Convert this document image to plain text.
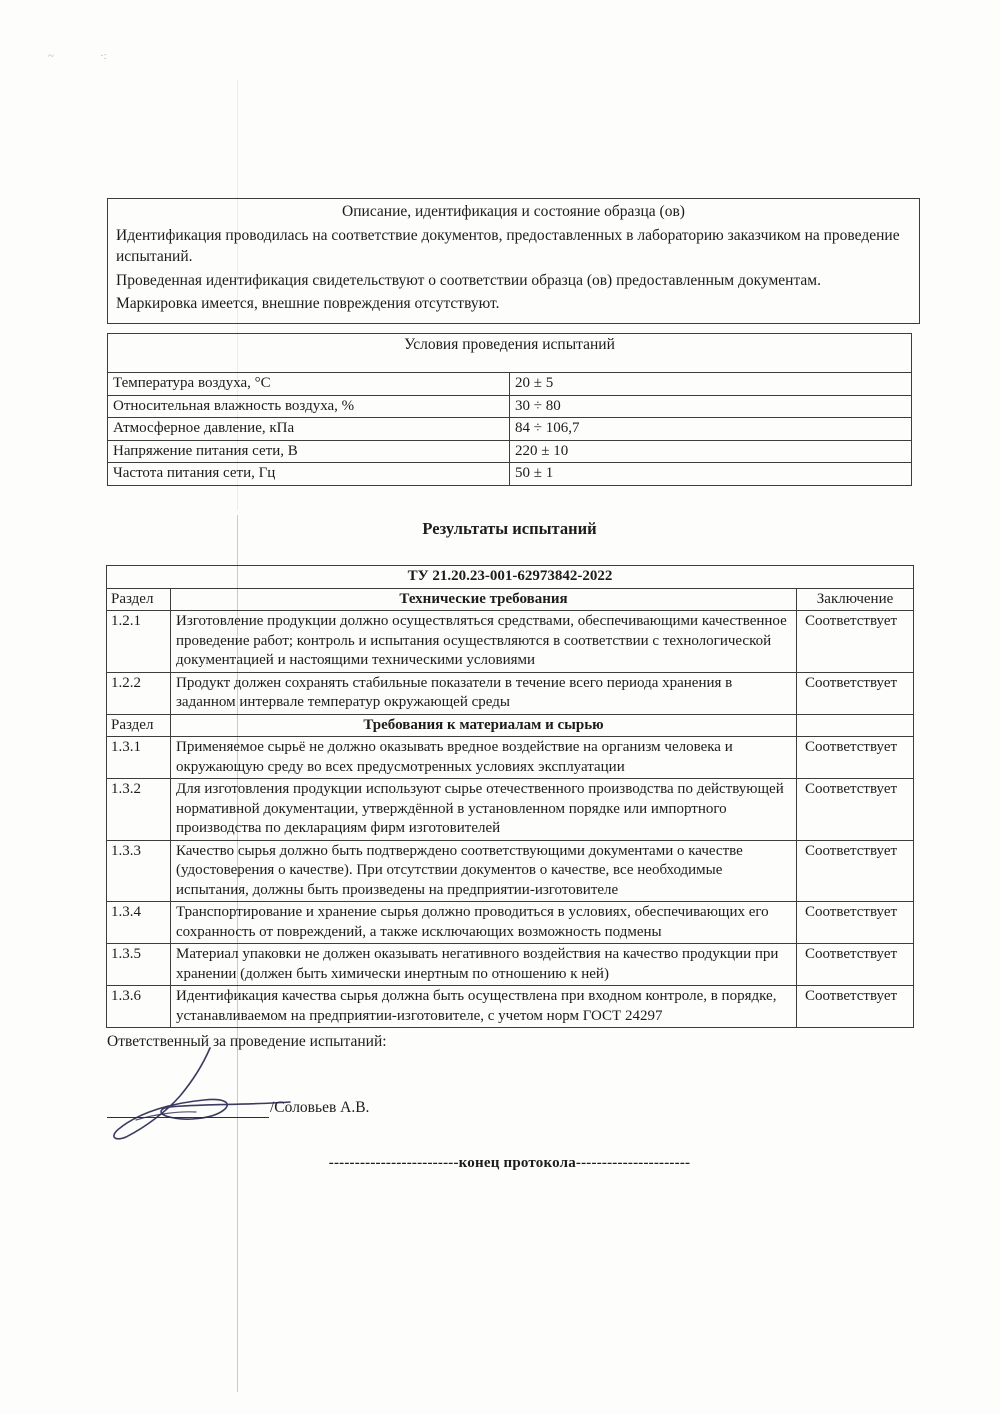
~	·:
Описание, идентификация и состояние образца (ов)

Идентификация проводилась на соответствие документов, предоставленных в лабораторию заказчиком на проведение испытаний.

Проведенная идентификация свидетельствуют о соответствии образца (ов) предоставленным документам.

Маркировка имеется, внешние повреждения отсутствуют.

Условия проведения испытаний	
Температура воздуха, °С	20 ± 5
Относительная влажность воздуха, %	30 ÷ 80
Атмосферное давление, кПа	84 ÷ 106,7
Напряжение питания сети, В	220 ± 10
Частота питания сети, Гц	50 ± 1
Результаты испытаний
ТУ 21.20.23-001-62973842-2022		
Раздел	Технические требования	Заключение
1.2.1	Изготовление продукции должно осуществляться средствами, обеспечивающими качественное проведение работ; контроль и испытания осуществляются в соответствии с технологической документацией и настоящими техническими условиями	Соответствует
1.2.2	Продукт должен сохранять стабильные показатели в течение всего периода хранения в заданном интервале температур окружающей среды	Соответствует
Раздел	Требования к материалам и сырью	
1.3.1	Применяемое сырьё не должно оказывать вредное воздействие на организм человека и окружающую среду во всех предусмотренных условиях эксплуатации	Соответствует
1.3.2	Для изготовления продукции используют сырье отечественного производства по действующей нормативной документации, утверждённой в установленном порядке или импортного производства по декларациям фирм изготовителей	Соответствует
1.3.3	Качество сырья должно быть подтверждено соответствующими документами о качестве (удостоверения о качестве). При отсутствии документов о качестве, все необходимые испытания, должны быть произведены на предприятии-изготовителе	Соответствует
1.3.4	Транспортирование и хранение сырья должно проводиться в условиях, обеспечивающих его сохранность от повреждений, а также исключающих возможность подмены	Соответствует
1.3.5	Материал упаковки не должен оказывать негативного воздействия на качество продукции при хранении (должен быть химически инертным по отношению к ней)	Соответствует
1.3.6	Идентификация качества сырья должна быть осуществлена при входном контроле, в порядке, устанавливаемом на предприятии-изготовителе, с учетом норм ГОСТ 24297	Соответствует
Ответственный за проведение испытаний:
/Соловьев А.В.
-------------------------конец протокола----------------------
